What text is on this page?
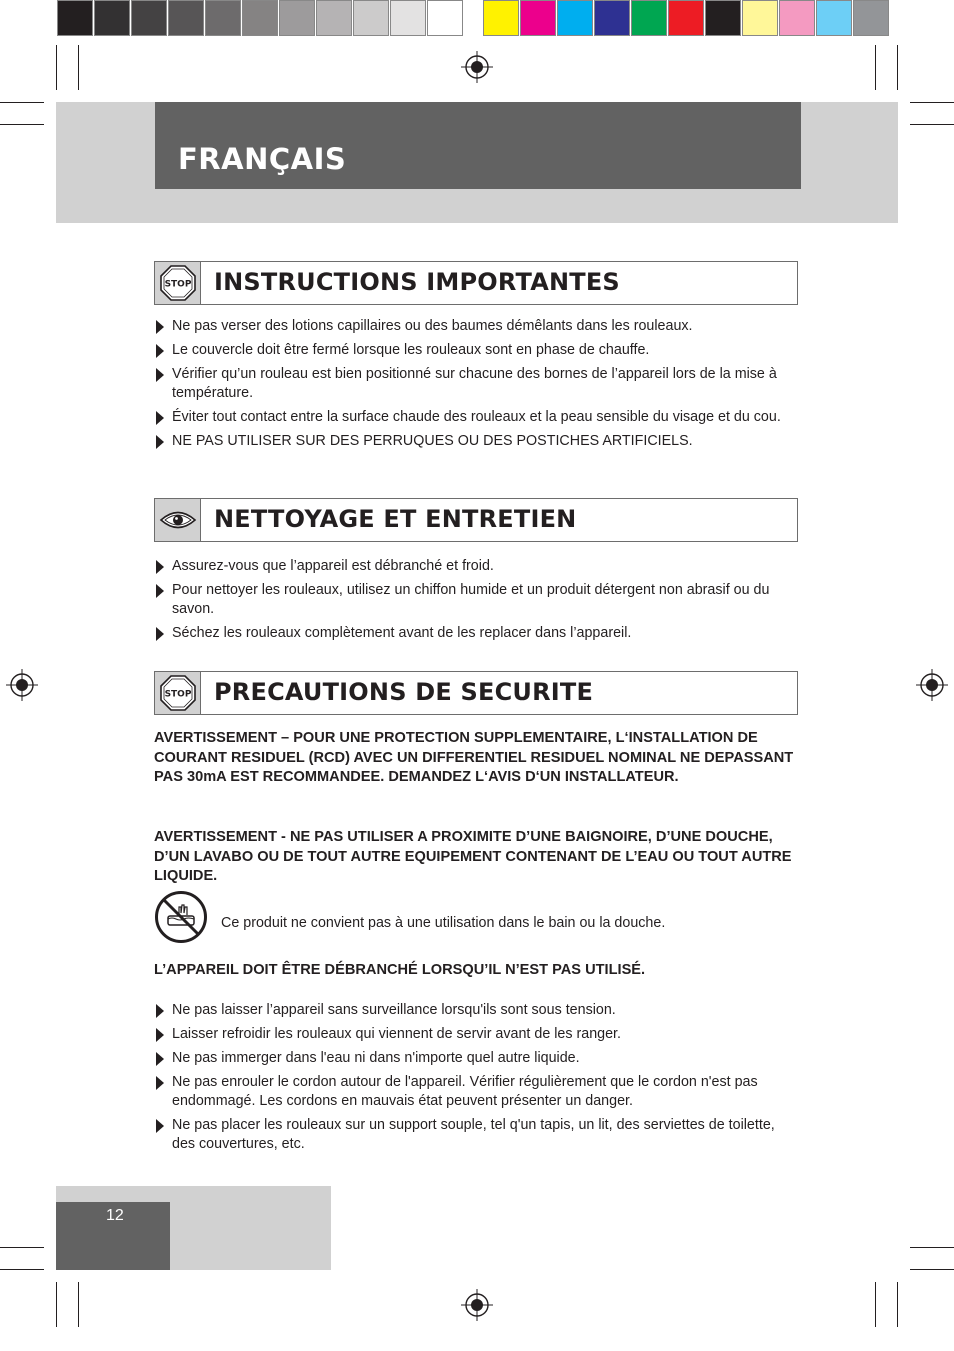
FRANÇAIS
STOP INSTRUCTIONS IMPORTANTES
Ne pas verser des lotions capillaires ou des baumes démêlants dans les rouleaux.
Le couvercle doit être fermé lorsque les rouleaux sont en phase de chauffe.
Vérifier qu’un rouleau est bien positionné sur chacune des bornes de l’appareil lors de la mise à température.
Éviter tout contact entre la surface chaude des rouleaux et la peau sensible du visage et du cou.
NE PAS UTILISER SUR DES PERRUQUES OU DES POSTICHES ARTIFICIELS.
NETTOYAGE ET ENTRETIEN
Assurez-vous que l’appareil est débranché et froid.
Pour nettoyer les rouleaux, utilisez un chiffon humide et un produit détergent non abrasif ou du savon.
Séchez les rouleaux complètement avant de les replacer dans l’appareil.
STOP PRECAUTIONS DE SECURITE

AVERTISSEMENT – POUR UNE PROTECTION SUPPLEMENTAIRE, L‘INSTALLATION DE COURANT RESIDUEL (RCD) AVEC UN DIFFERENTIEL RESIDUEL NOMINAL NE DEPASSANT PAS 30mA EST RECOMMANDEE. DEMANDEZ L‘AVIS D‘UN INSTALLATEUR.

AVERTISSEMENT - NE PAS UTILISER A PROXIMITE D’UNE BAIGNOIRE, D’UNE DOUCHE, D’UN LAVABO OU DE TOUT AUTRE EQUIPEMENT CONTENANT DE L’EAU OU TOUT AUTRE LIQUIDE.

Ce produit ne convient pas à une utilisation dans le bain ou la douche.

L’APPAREIL DOIT ÊTRE DÉBRANCHÉ LORSQU’IL N’EST PAS UTILISÉ.

Ne pas laisser l’appareil sans surveillance lorsqu'ils sont sous tension.
Laisser refroidir les rouleaux qui viennent de servir avant de les ranger.
Ne pas immerger dans l'eau ni dans n'importe quel autre liquide.
Ne pas enrouler le cordon autour de l'appareil. Vérifier régulièrement que le cordon n'est pas endommagé. Les cordons en mauvais état peuvent présenter un danger.
Ne pas placer les rouleaux sur un support souple, tel q'un tapis, un lit, des serviettes de toilette, des couvertures, etc.

12
